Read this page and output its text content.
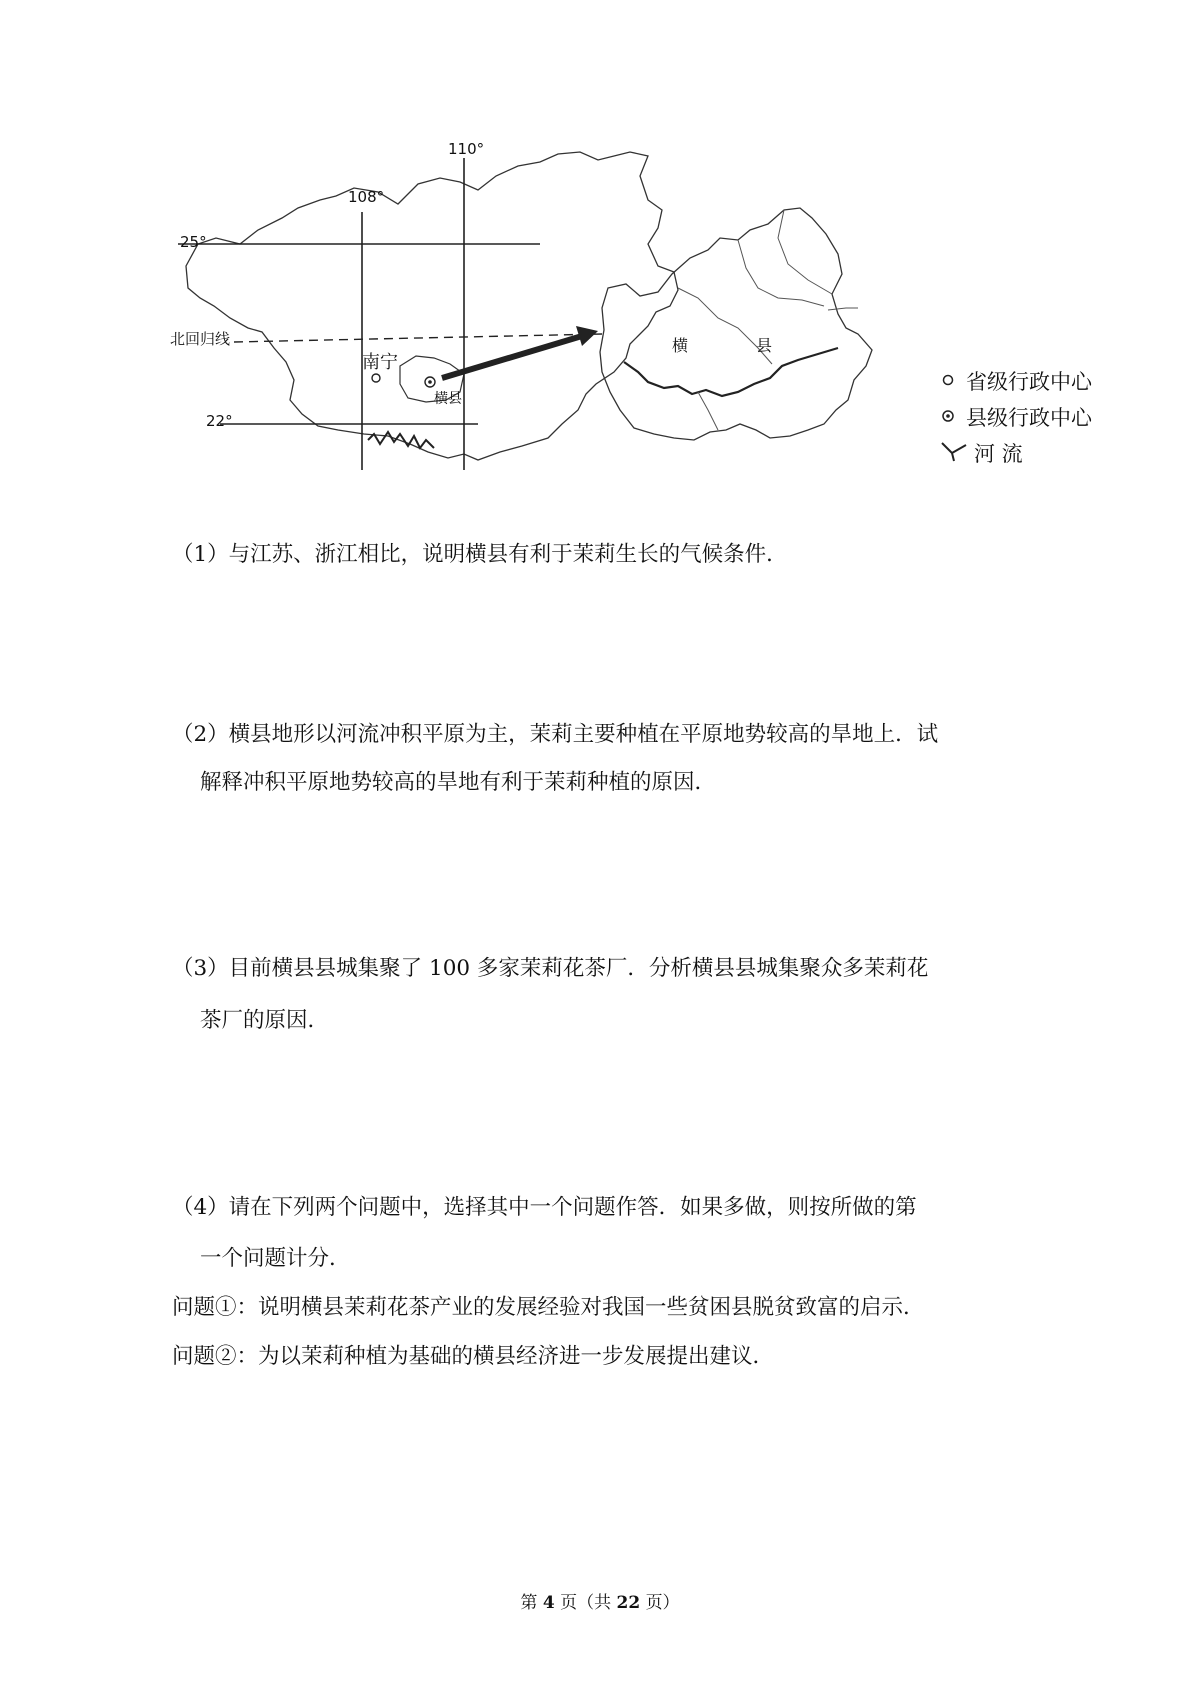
110°
108°
25°
22°
北回归线
南宁
横县
横	县
省级行政中心
县级行政中心
河 流
（1）与江苏、浙江相比，说明横县有利于茉莉生长的气候条件．
（2）横县地形以河流冲积平原为主，茉莉主要种植在平原地势较高的旱地上．试
解释冲积平原地势较高的旱地有利于茉莉种植的原因．
（3）目前横县县城集聚了 100 多家茉莉花茶厂．分析横县县城集聚众多茉莉花
茶厂的原因．
（4）请在下列两个问题中，选择其中一个问题作答．如果多做，则按所做的第
一个问题计分．
问题①：说明横县茉莉花茶产业的发展经验对我国一些贫困县脱贫致富的启示．
问题②：为以茉莉种植为基础的横县经济进一步发展提出建议．
第 4 页（共 22 页）
